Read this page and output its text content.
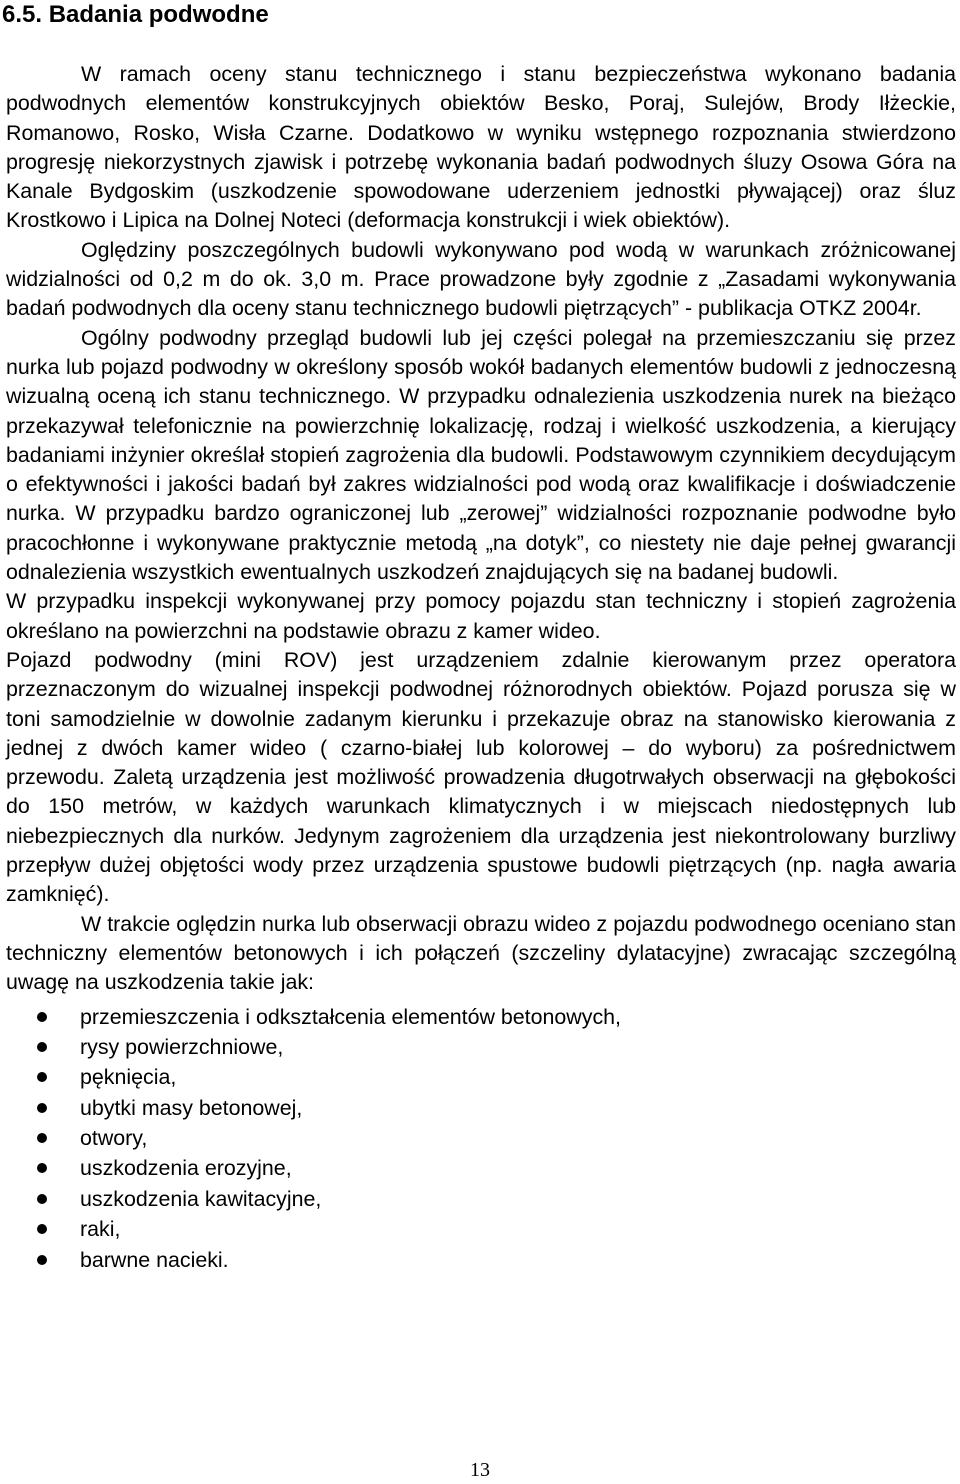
6.5. Badania podwodne

W ramach oceny stanu technicznego i stanu bezpieczeństwa wykonano badania podwodnych elementów konstrukcyjnych obiektów Besko, Poraj, Sulejów, Brody Iłżeckie, Romanowo, Rosko, Wisła Czarne. Dodatkowo w wyniku wstępnego rozpoznania stwierdzono progresję niekorzystnych zjawisk i potrzebę wykonania badań podwodnych śluzy Osowa Góra na Kanale Bydgoskim (uszkodzenie spowodowane uderzeniem jednostki pływającej) oraz śluz Krostkowo i Lipica na Dolnej Noteci (deformacja konstrukcji i wiek obiektów).

Oględziny poszczególnych budowli wykonywano pod wodą w warunkach zróżnicowanej widzialności od 0,2 m do ok. 3,0 m. Prace prowadzone były zgodnie z „Zasadami wykonywania badań podwodnych dla oceny stanu technicznego budowli piętrzących” - publikacja OTKZ 2004r.

Ogólny podwodny przegląd budowli lub jej części polegał na przemieszczaniu się przez nurka lub pojazd podwodny w określony sposób wokół badanych elementów budowli z jednoczesną wizualną oceną ich stanu technicznego. W przypadku odnalezienia uszkodzenia nurek na bieżąco przekazywał telefonicznie na powierzchnię lokalizację, rodzaj i wielkość uszkodzenia, a kierujący badaniami inżynier określał stopień zagrożenia dla budowli. Podstawowym czynnikiem decydującym o efektywności i jakości badań był zakres widzialności pod wodą oraz kwalifikacje i doświadczenie nurka. W przypadku bardzo ograniczonej lub „zerowej” widzialności rozpoznanie podwodne było pracochłonne i wykonywane praktycznie metodą „na dotyk”, co niestety nie daje pełnej gwarancji odnalezienia wszystkich ewentualnych uszkodzeń znajdujących się na badanej budowli.

W przypadku inspekcji wykonywanej przy pomocy pojazdu stan techniczny i stopień zagrożenia określano na powierzchni na podstawie obrazu z kamer wideo.

Pojazd podwodny (mini ROV) jest urządzeniem zdalnie kierowanym przez operatora przeznaczonym do wizualnej inspekcji podwodnej różnorodnych obiektów. Pojazd porusza się w toni samodzielnie w dowolnie zadanym kierunku i przekazuje obraz na stanowisko kierowania z jednej z dwóch kamer wideo ( czarno-białej lub kolorowej – do wyboru) za pośrednictwem przewodu. Zaletą urządzenia jest możliwość prowadzenia długotrwałych obserwacji na głębokości do 150 metrów, w każdych warunkach klimatycznych i w miejscach niedostępnych lub niebezpiecznych dla nurków. Jedynym zagrożeniem dla urządzenia jest niekontrolowany burzliwy przepływ dużej objętości wody przez urządzenia spustowe budowli piętrzących (np. nagła awaria zamknięć).

W trakcie oględzin nurka lub obserwacji obrazu wideo z pojazdu podwodnego oceniano stan techniczny elementów betonowych i ich połączeń (szczeliny dylatacyjne) zwracając szczególną uwagę na uszkodzenia takie jak:

przemieszczenia i odkształcenia elementów betonowych,
rysy powierzchniowe,
pęknięcia,
ubytki masy betonowej,
otwory,
uszkodzenia erozyjne,
uszkodzenia kawitacyjne,
raki,
barwne nacieki.
13
